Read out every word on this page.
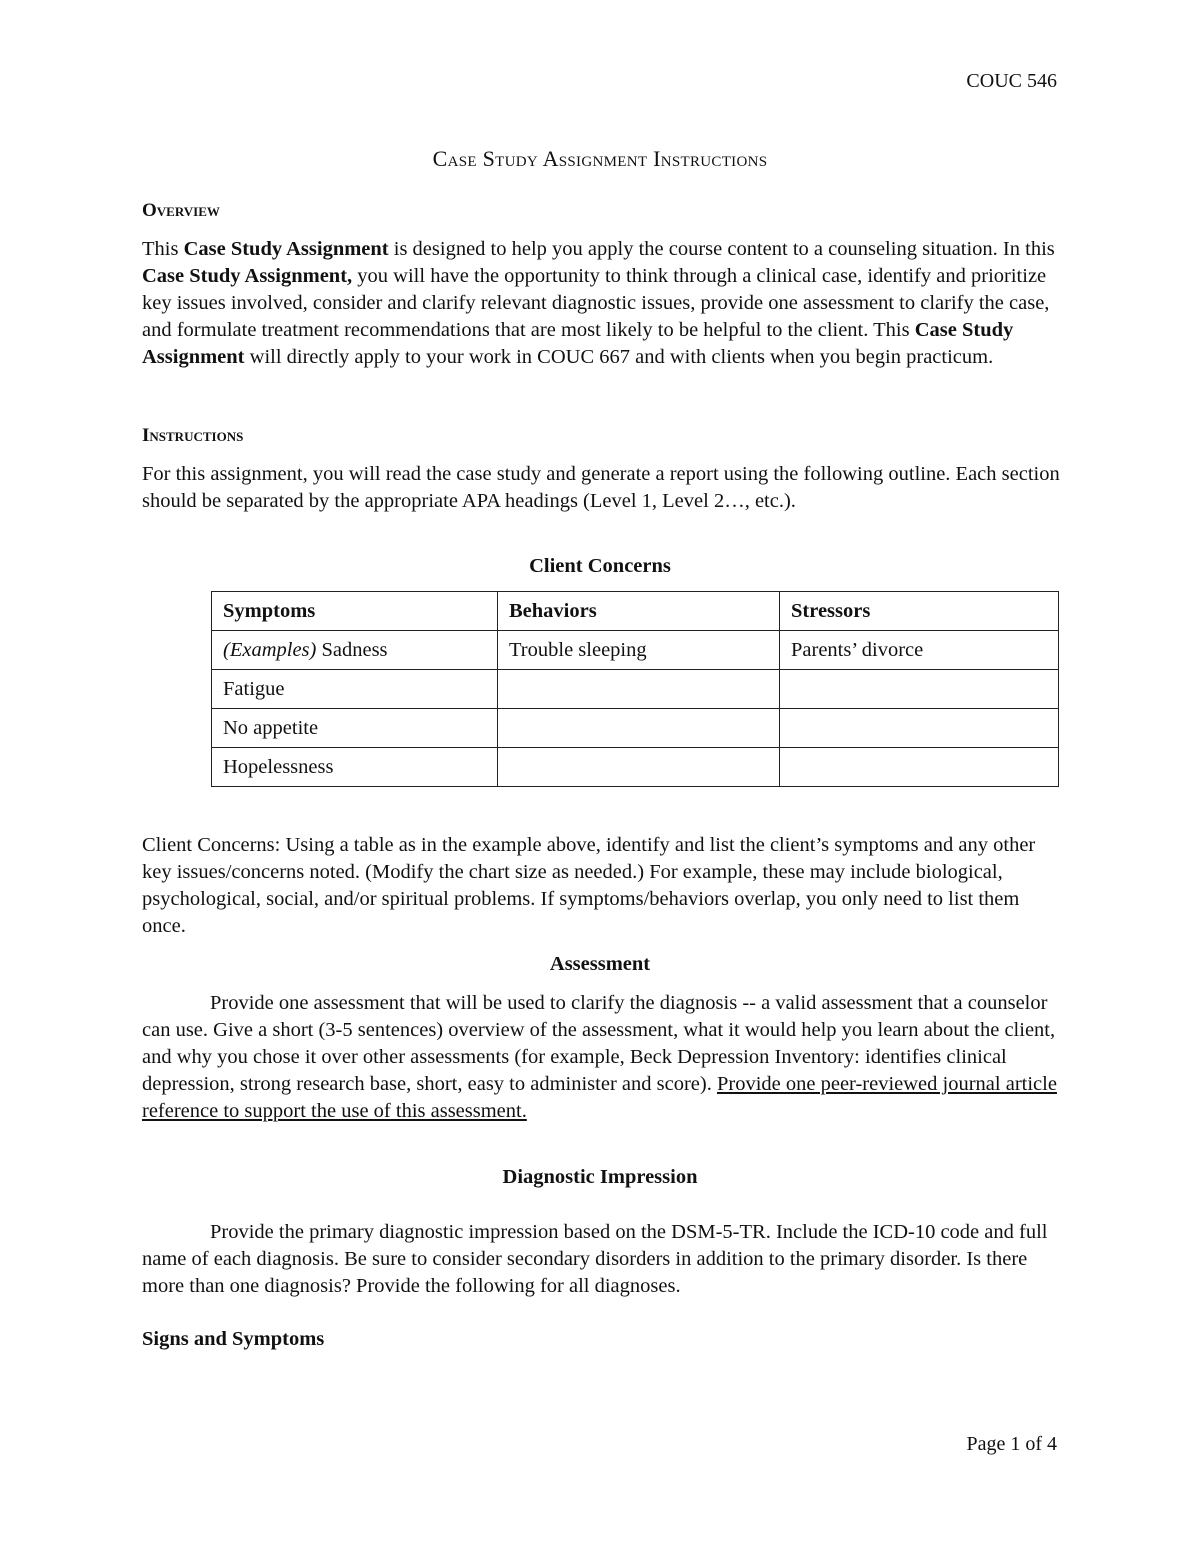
COUC 546
Case Study Assignment Instructions
Overview
This Case Study Assignment is designed to help you apply the course content to a counseling situation. In this Case Study Assignment, you will have the opportunity to think through a clinical case, identify and prioritize key issues involved, consider and clarify relevant diagnostic issues, provide one assessment to clarify the case, and formulate treatment recommendations that are most likely to be helpful to the client. This Case Study Assignment will directly apply to your work in COUC 667 and with clients when you begin practicum.
Instructions
For this assignment, you will read the case study and generate a report using the following outline. Each section should be separated by the appropriate APA headings (Level 1, Level 2…, etc.).
Client Concerns
Symptoms	Behaviors	Stressors
(Examples) Sadness	Trouble sleeping	Parents’ divorce
Fatigue		
No appetite		
Hopelessness		
Client Concerns: Using a table as in the example above, identify and list the client’s symptoms and any other key issues/concerns noted. (Modify the chart size as needed.) For example, these may include biological, psychological, social, and/or spiritual problems. If symptoms/behaviors overlap, you only need to list them once.
Assessment
Provide one assessment that will be used to clarify the diagnosis -- a valid assessment that a counselor can use. Give a short (3-5 sentences) overview of the assessment, what it would help you learn about the client, and why you chose it over other assessments (for example, Beck Depression Inventory: identifies clinical depression, strong research base, short, easy to administer and score). Provide one peer-reviewed journal article reference to support the use of this assessment.
Diagnostic Impression
Provide the primary diagnostic impression based on the DSM-5-TR. Include the ICD-10 code and full name of each diagnosis. Be sure to consider secondary disorders in addition to the primary disorder. Is there more than one diagnosis? Provide the following for all diagnoses.
Signs and Symptoms
Page 1 of 4
